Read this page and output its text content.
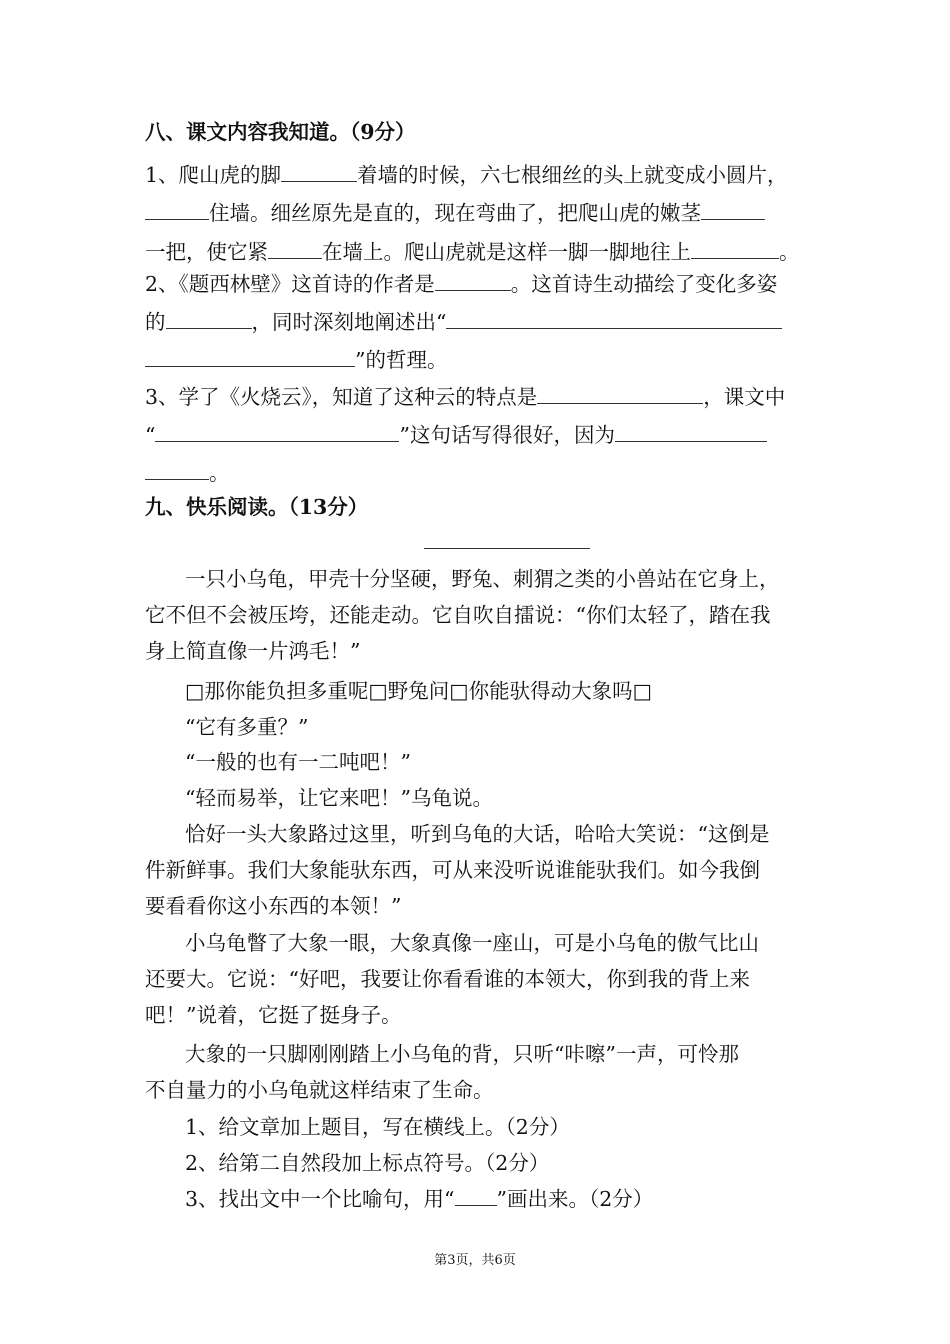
八、课文内容我知道。（9分）
1、爬山虎的脚	着墙的时候，六七根细丝的头上就变成小圆片，
住墙。细丝原先是直的，现在弯曲了，把爬山虎的嫩茎
一把，使它紧	在墙上。爬山虎就是这样一脚一脚地往上	。
2、《题西林壁》这首诗的作者是	。这首诗生动描绘了变化多姿
的	，同时深刻地阐述出“
”的哲理。
3、学了《火烧云》，知道了这种云的特点是	，课文中
“	”这句话写得很好，因为
。
九、快乐阅读。（13分）
一只小乌龟，甲壳十分坚硬，野兔、刺猬之类的小兽站在它身上，
它不但不会被压垮，还能走动。它自吹自擂说：“你们太轻了，踏在我
身上简直像一片鸿毛！”
□那你能负担多重呢□野兔问□你能驮得动大象吗□
“它有多重？”
“一般的也有一二吨吧！”
“轻而易举，让它来吧！”乌龟说。
恰好一头大象路过这里，听到乌龟的大话，哈哈大笑说：“这倒是
件新鲜事。我们大象能驮东西，可从来没听说谁能驮我们。如今我倒
要看看你这小东西的本领！”
小乌龟瞥了大象一眼，大象真像一座山，可是小乌龟的傲气比山
还要大。它说：“好吧，我要让你看看谁的本领大，你到我的背上来
吧！”说着，它挺了挺身子。
大象的一只脚刚刚踏上小乌龟的背，只听“咔嚓”一声，可怜那
不自量力的小乌龟就这样结束了生命。
1、给文章加上题目，写在横线上。（2分）
2、给第二自然段加上标点符号。（2分）
3、找出文中一个比喻句，用“ ”画出来。（2分）
第3页，共6页
